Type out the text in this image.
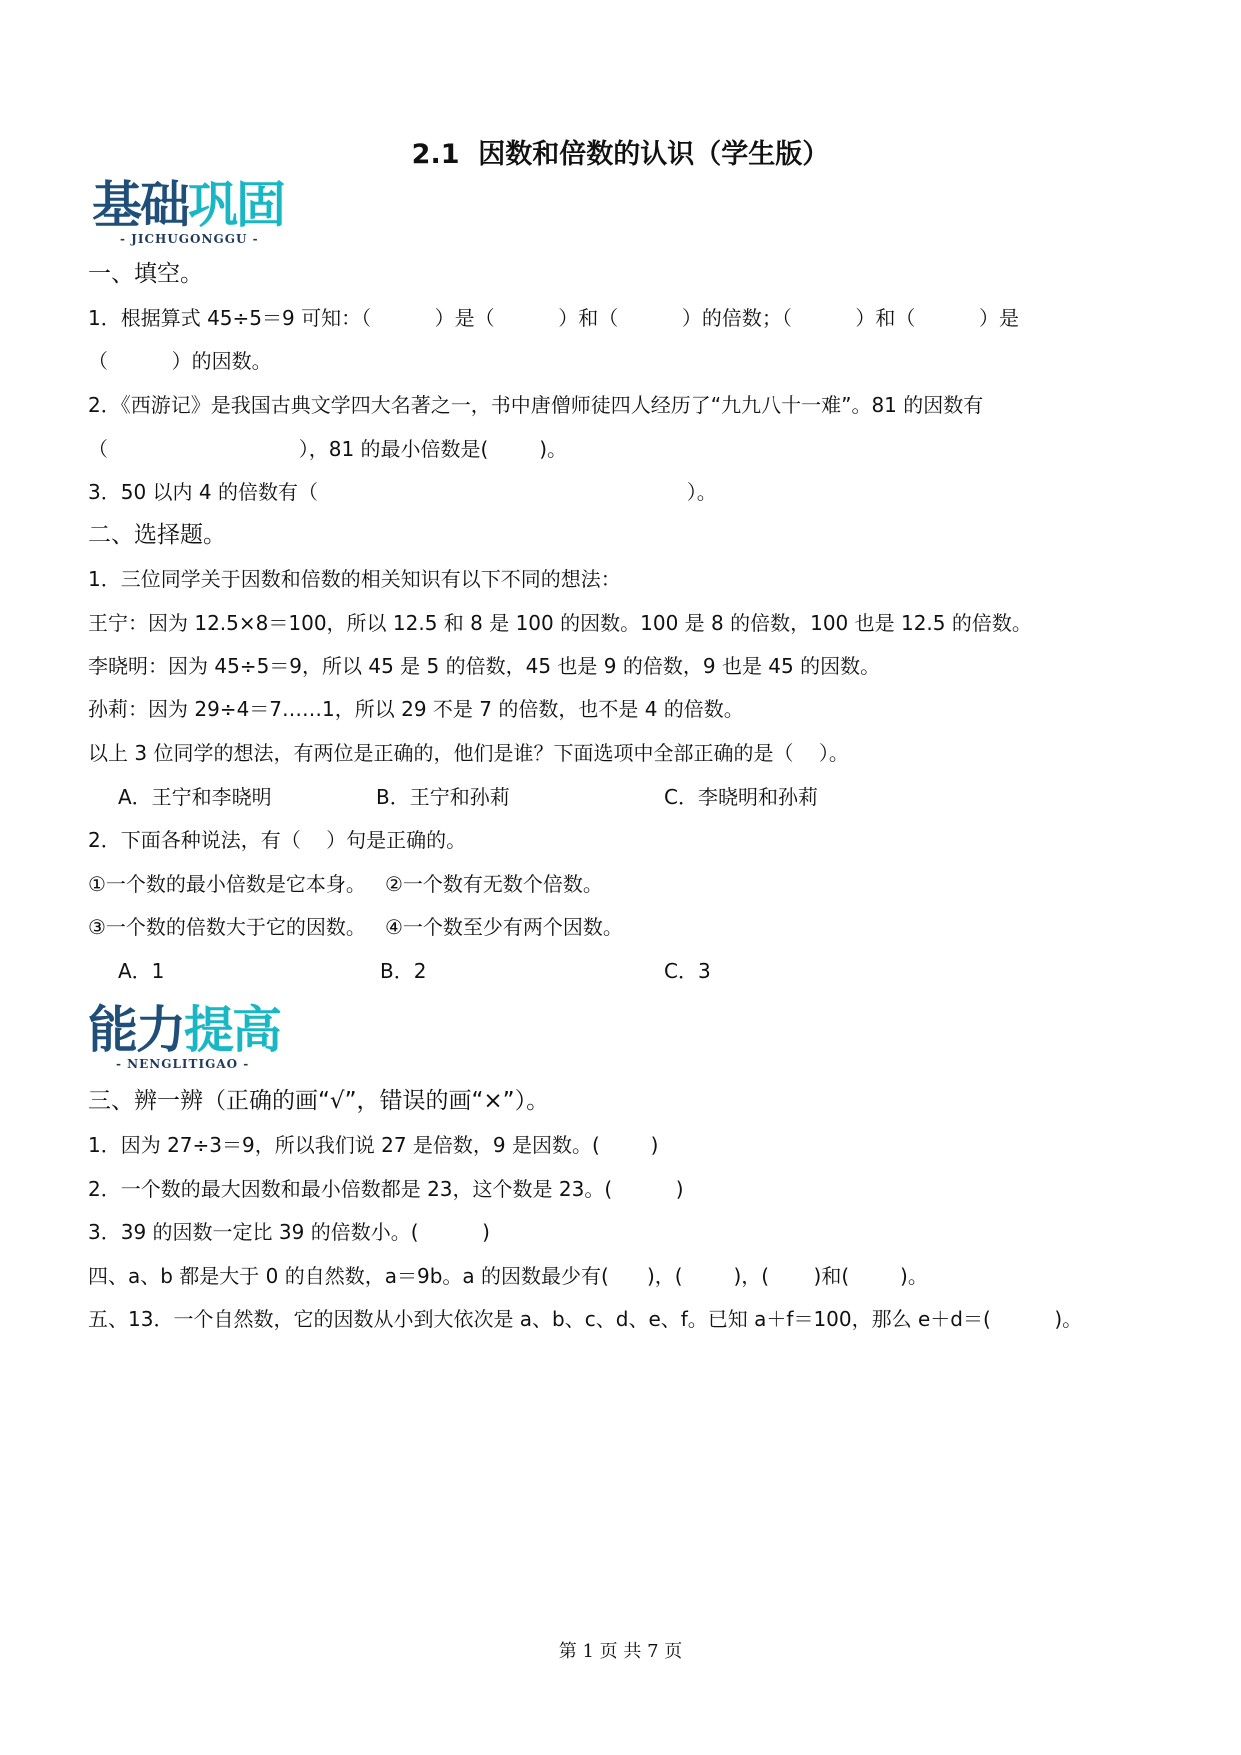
2.1  因数和倍数的认识（学生版）
基础巩固
- JICHUGONGGU -
一、填空。
1．根据算式 45÷5＝9 可知：（          ）是（          ）和（          ）的倍数；（          ）和（          ）是
（          ）的因数。
2．《西游记》是我国古典文学四大名著之一，书中唐僧师徒四人经历了“九九八十一难”。81 的因数有
（                              ），81 的最小倍数是(        )。
3．50 以内 4 的倍数有（                                                          ）。
二、选择题。
1．三位同学关于因数和倍数的相关知识有以下不同的想法：
王宁：因为 12.5×8＝100，所以 12.5 和 8 是 100 的因数。100 是 8 的倍数，100 也是 12.5 的倍数。
李晓明：因为 45÷5＝9，所以 45 是 5 的倍数，45 也是 9 的倍数，9 也是 45 的因数。
孙莉：因为 29÷4＝7……1，所以 29 不是 7 的倍数，也不是 4 的倍数。
以上 3 位同学的想法，有两位是正确的，他们是谁？下面选项中全部正确的是（    ）。
A．王宁和李晓明	B．王宁和孙莉	C．李晓明和孙莉
2．下面各种说法，有（    ）句是正确的。
①一个数的最小倍数是它本身。   ②一个数有无数个倍数。
③一个数的倍数大于它的因数。   ④一个数至少有两个因数。
A．1	B．2	C．3
能力提高
- NENGLITIGAO -
三、辨一辨（正确的画“√”，错误的画“×”）。
1．因为 27÷3＝9，所以我们说 27 是倍数，9 是因数。(        )
2．一个数的最大因数和最小倍数都是 23，这个数是 23。(          )
3．39 的因数一定比 39 的倍数小。(          )
四、a、b 都是大于 0 的自然数，a＝9b。a 的因数最少有(      )，(        )，(       )和(        )。
五、13．一个自然数，它的因数从小到大依次是 a、b、c、d、e、f。已知 a＋f＝100，那么 e＋d＝(          )。
第 1 页 共 7 页
